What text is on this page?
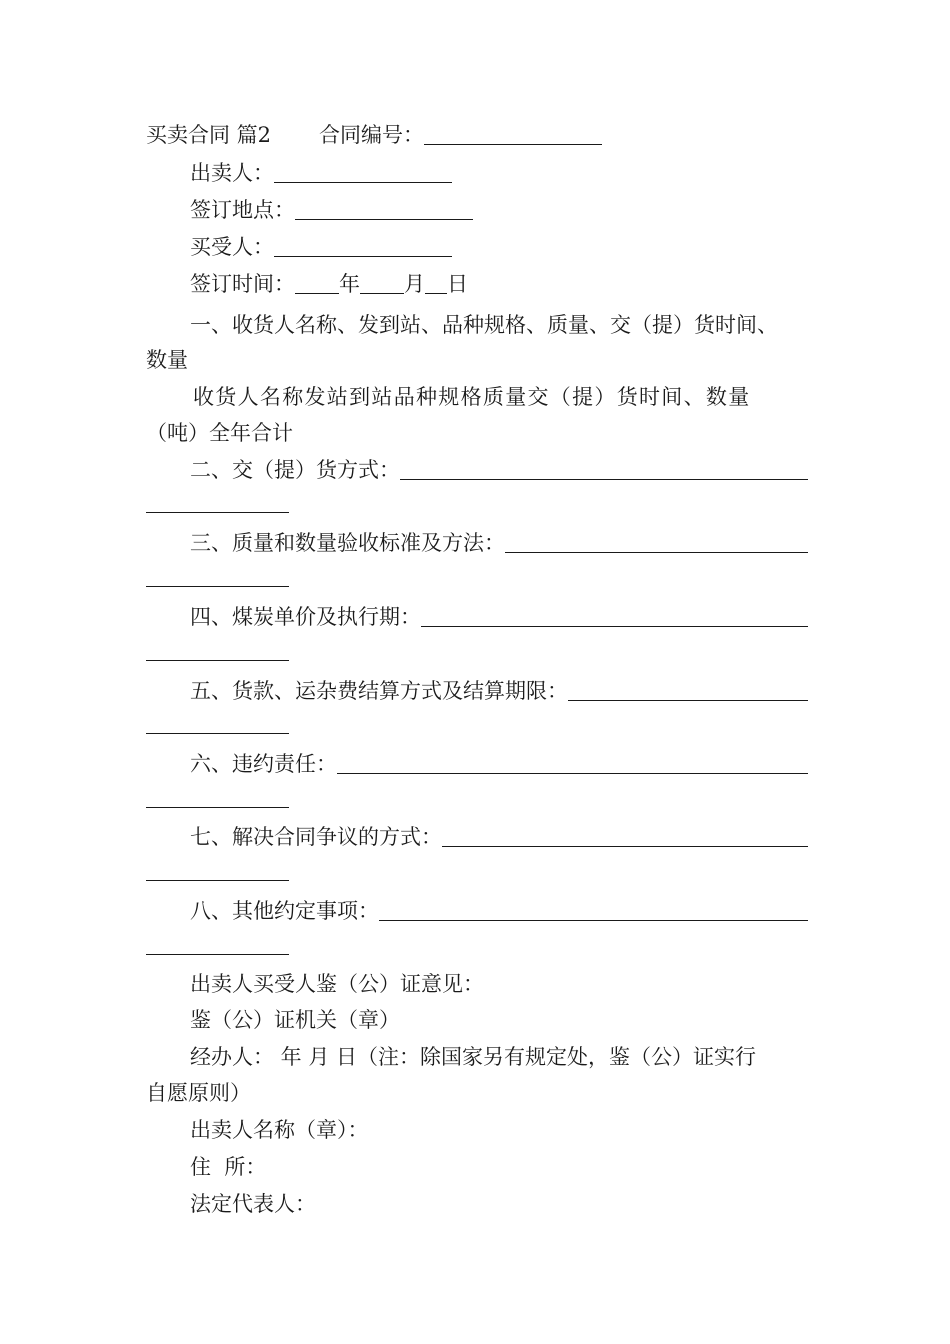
买卖合同 篇2 合同编号：
出卖人：
签订地点：
买受人：
签订时间： 年 月 日
一、收货人名称、发到站、品种规格、质量、交（提）货时间、
数量
收货人名称发站到站品种规格质量交（提）货时间、数量
（吨）全年合计
二、交（提）货方式：
三、质量和数量验收标准及方法：
四、煤炭单价及执行期：
五、货款、运杂费结算方式及结算期限：
六、违约责任：
七、解决合同争议的方式：
八、其他约定事项：
出卖人买受人鉴（公）证意见：
鉴（公）证机关（章）
经办人： 年 月 日（注：除国家另有规定处，鉴（公）证实行
自愿原则）
出卖人名称（章）：
住  所：
法定代表人：
